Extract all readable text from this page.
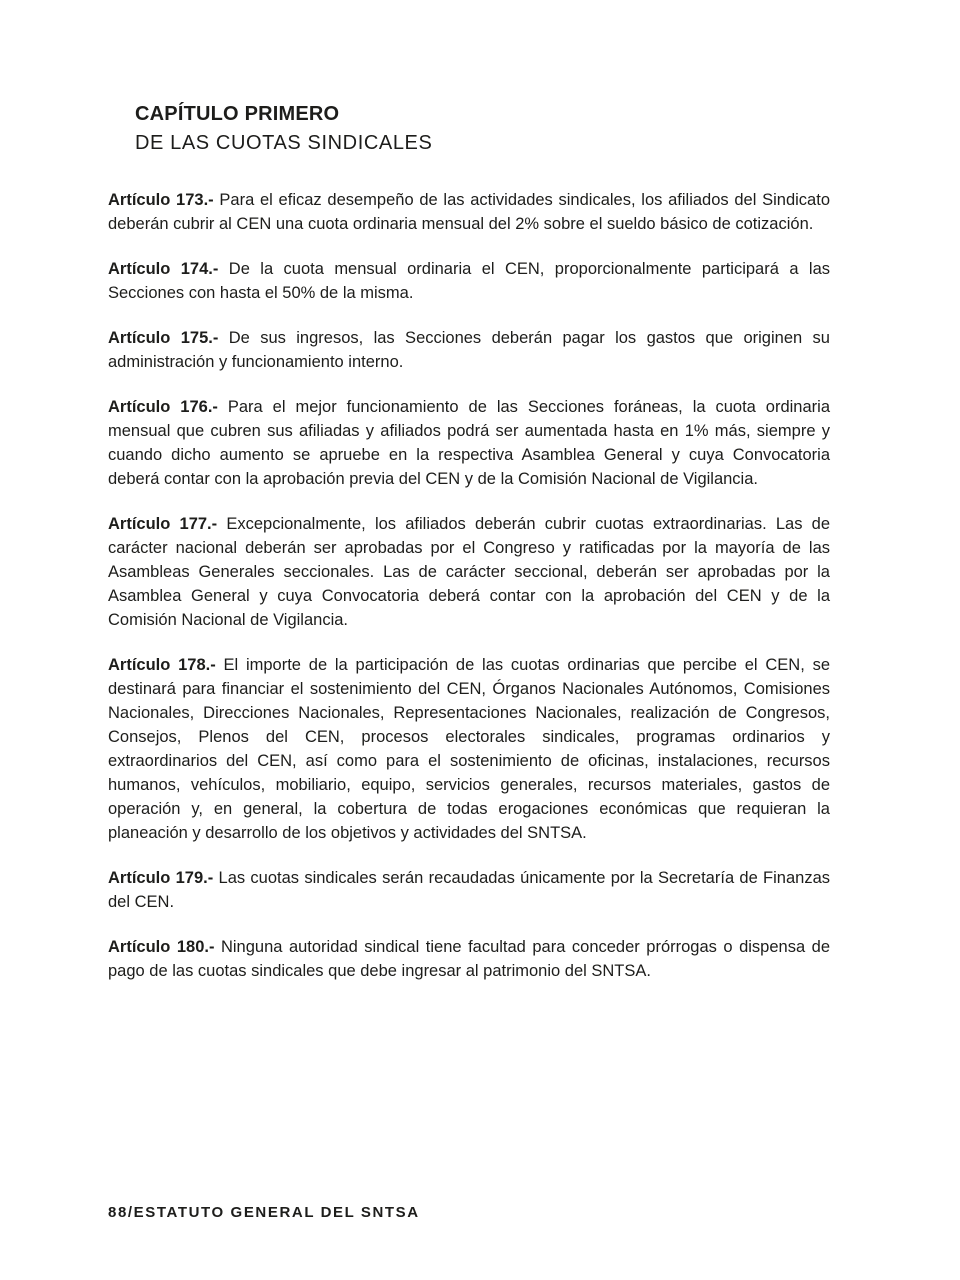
CAPÍTULO PRIMERO
DE LAS CUOTAS SINDICALES

Artículo 173.- Para el eficaz desempeño de las actividades sindicales, los afiliados del Sindicato deberán cubrir al CEN una cuota ordinaria mensual del 2% sobre el sueldo básico de cotización.

Artículo 174.- De la cuota mensual ordinaria el CEN, proporcionalmente participará a las Secciones con hasta el 50% de la misma.

Artículo 175.- De sus ingresos, las Secciones deberán pagar los gastos que originen su administración y funcionamiento interno.

Artículo 176.- Para el mejor funcionamiento de las Secciones foráneas, la cuota ordinaria mensual que cubren sus afiliadas y afiliados podrá ser aumentada hasta en 1% más, siempre y cuando dicho aumento se apruebe en la respectiva Asamblea General y cuya Convocatoria deberá contar con la aprobación previa del CEN y de la Comisión Nacional de Vigilancia.

Artículo 177.- Excepcionalmente, los afiliados deberán cubrir cuotas extraordinarias. Las de carácter nacional deberán ser aprobadas por el Congreso y ratificadas por la mayoría de las Asambleas Generales seccionales. Las de carácter seccional, deberán ser aprobadas por la Asamblea General y cuya Convocatoria deberá contar con la aprobación del CEN y de la Comisión Nacional de Vigilancia.

Artículo 178.- El importe de la participación de las cuotas ordinarias que percibe el CEN, se destinará para financiar el sostenimiento del CEN, Órganos Nacionales Autónomos, Comisiones Nacionales, Direcciones Nacionales, Representaciones Nacionales, realización de Congresos, Consejos, Plenos del CEN, procesos electorales sindicales, programas ordinarios y extraordinarios del CEN, así como para el sostenimiento de oficinas, instalaciones, recursos humanos, vehículos, mobiliario, equipo, servicios generales, recursos materiales, gastos de operación y, en general, la cobertura de todas erogaciones económicas que requieran la planeación y desarrollo de los objetivos y actividades del SNTSA.

Artículo 179.- Las cuotas sindicales serán recaudadas únicamente por la Secretaría de Finanzas del CEN.

Artículo 180.- Ninguna autoridad sindical tiene facultad para conceder prórrogas o dispensa de pago de las cuotas sindicales que debe ingresar al patrimonio del SNTSA.

88/ESTATUTO GENERAL DEL SNTSA
